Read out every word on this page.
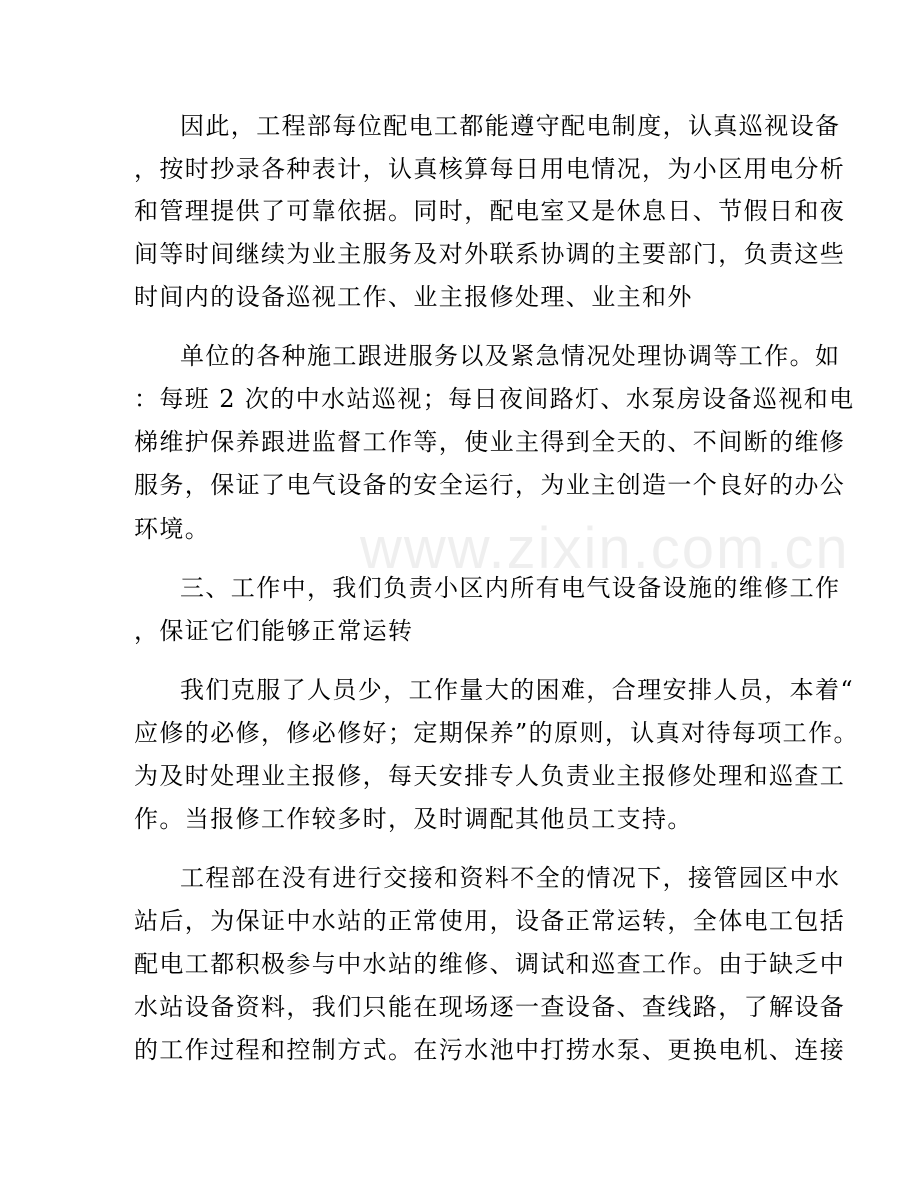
www.zixin.com.cn
因此，工程部每位配电工都能遵守配电制度，认真巡视设备
，按时抄录各种表计，认真核算每日用电情况，为小区用电分析
和管理提供了可靠依据。同时，配电室又是休息日、节假日和夜
间等时间继续为业主服务及对外联系协调的主要部门，负责这些
时间内的设备巡视工作、业主报修处理、业主和外
单位的各种施工跟进服务以及紧急情况处理协调等工作。如
：每班 2 次的中水站巡视；每日夜间路灯、水泵房设备巡视和电
梯维护保养跟进监督工作等，使业主得到全天的、不间断的维修
服务，保证了电气设备的安全运行，为业主创造一个良好的办公
环境。
三、工作中，我们负责小区内所有电气设备设施的维修工作
，保证它们能够正常运转
我们克服了人员少，工作量大的困难，合理安排人员，本着“
应修的必修，修必修好；定期保养”的原则，认真对待每项工作。
为及时处理业主报修，每天安排专人负责业主报修处理和巡查工
作。当报修工作较多时，及时调配其他员工支持。
工程部在没有进行交接和资料不全的情况下，接管园区中水
站后，为保证中水站的正常使用，设备正常运转，全体电工包括
配电工都积极参与中水站的维修、调试和巡查工作。由于缺乏中
水站设备资料，我们只能在现场逐一查设备、查线路，了解设备
的工作过程和控制方式。在污水池中打捞水泵、更换电机、连接
